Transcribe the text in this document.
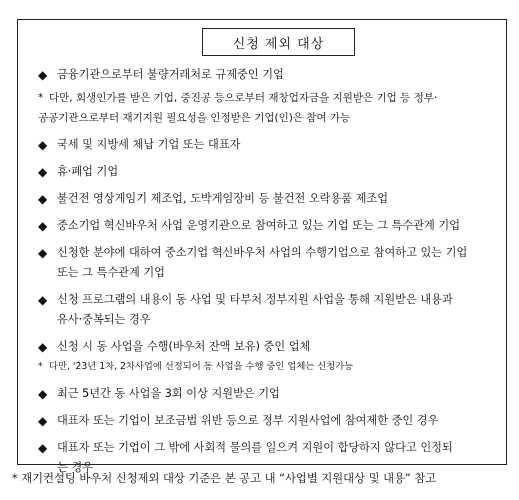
신청 제외 대상
◆ 금융기관으로부터 불량거래처로 규제중인 기업
* 다만, 회생인가를 받은 기업, 중진공 등으로부터 재창업자금을 지원받은 기업 등 정부·
공공기관으로부터 재기지원 필요성을 인정받은 기업(인)은 참여 가능
◆ 국세 및 지방세 체납 기업 또는 대표자
◆ 휴·폐업 기업
◆ 불건전 영상게임기 제조업, 도박게임장비 등 불건전 오락용품 제조업
◆ 중소기업 혁신바우처 사업 운영기관으로 참여하고 있는 기업 또는 그 특수관계 기업
◆ 신청한 분야에 대하여 중소기업 혁신바우처 사업의 수행기업으로 참여하고 있는 기업
또는 그 특수관계 기업
◆ 신청 프로그램의 내용이 동 사업 및 타부처 정부지원 사업을 통해 지원받은 내용과
유사·중복되는 경우
◆ 신청 시 동 사업을 수행(바우처 잔액 보유) 중인 업체
* 다만, '23년 1차, 2차사업에 선정되어 동 사업을 수행 중인 업체는 신청가능
◆ 최근 5년간 동 사업을 3회 이상 지원받은 기업
◆ 대표자 또는 기업이 보조금법 위반 등으로 정부 지원사업에 참여제한 중인 경우
◆ 대표자 또는 기업이 그 밖에 사회적 물의를 일으켜 지원이 합당하지 않다고 인정되
는 경우
* 재기컨설팅 바우처 신청제외 대상 기준은 본 공고 내 “사업별 지원대상 및 내용” 참고
